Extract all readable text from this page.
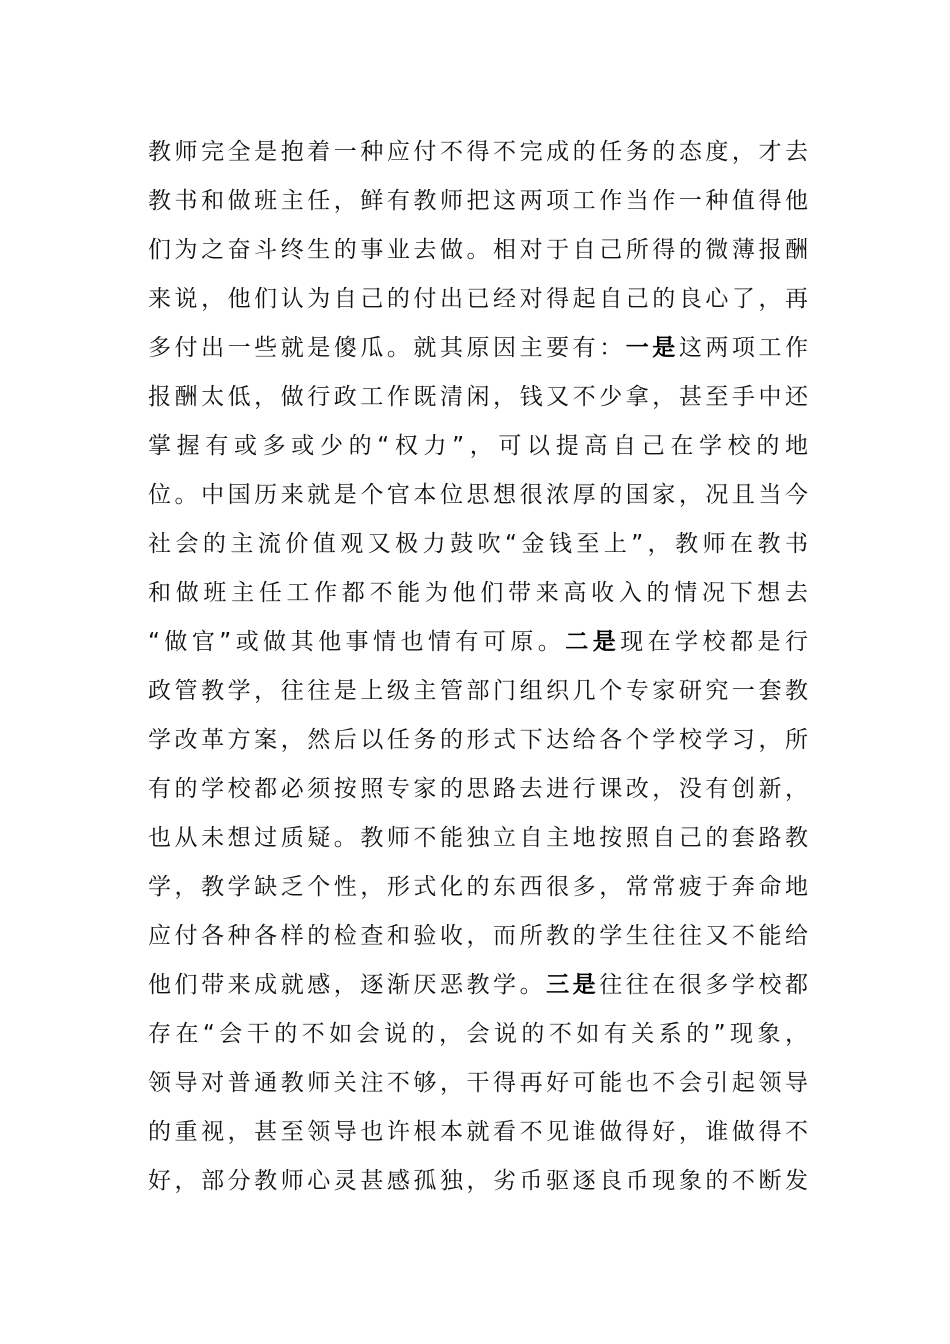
教师完全是抱着一种应付不得不完成的任务的态度，才去
教书和做班主任，鲜有教师把这两项工作当作一种值得他
们为之奋斗终生的事业去做。相对于自己所得的微薄报酬
来说，他们认为自己的付出已经对得起自己的良心了，再
多付出一些就是傻瓜。就其原因主要有：一是这两项工作
报酬太低，做行政工作既清闲，钱又不少拿，甚至手中还
掌握有或多或少的“权力”，可以提高自己在学校的地
位。中国历来就是个官本位思想很浓厚的国家，况且当今
社会的主流价值观又极力鼓吹“金钱至上”，教师在教书
和做班主任工作都不能为他们带来高收入的情况下想去
“做官”或做其他事情也情有可原。二是现在学校都是行
政管教学，往往是上级主管部门组织几个专家研究一套教
学改革方案，然后以任务的形式下达给各个学校学习，所
有的学校都必须按照专家的思路去进行课改，没有创新，
也从未想过质疑。教师不能独立自主地按照自己的套路教
学，教学缺乏个性，形式化的东西很多，常常疲于奔命地
应付各种各样的检查和验收，而所教的学生往往又不能给
他们带来成就感，逐渐厌恶教学。三是往往在很多学校都
存在“会干的不如会说的，会说的不如有关系的”现象，
领导对普通教师关注不够，干得再好可能也不会引起领导
的重视，甚至领导也许根本就看不见谁做得好，谁做得不
好，部分教师心灵甚感孤独，劣币驱逐良币现象的不断发
